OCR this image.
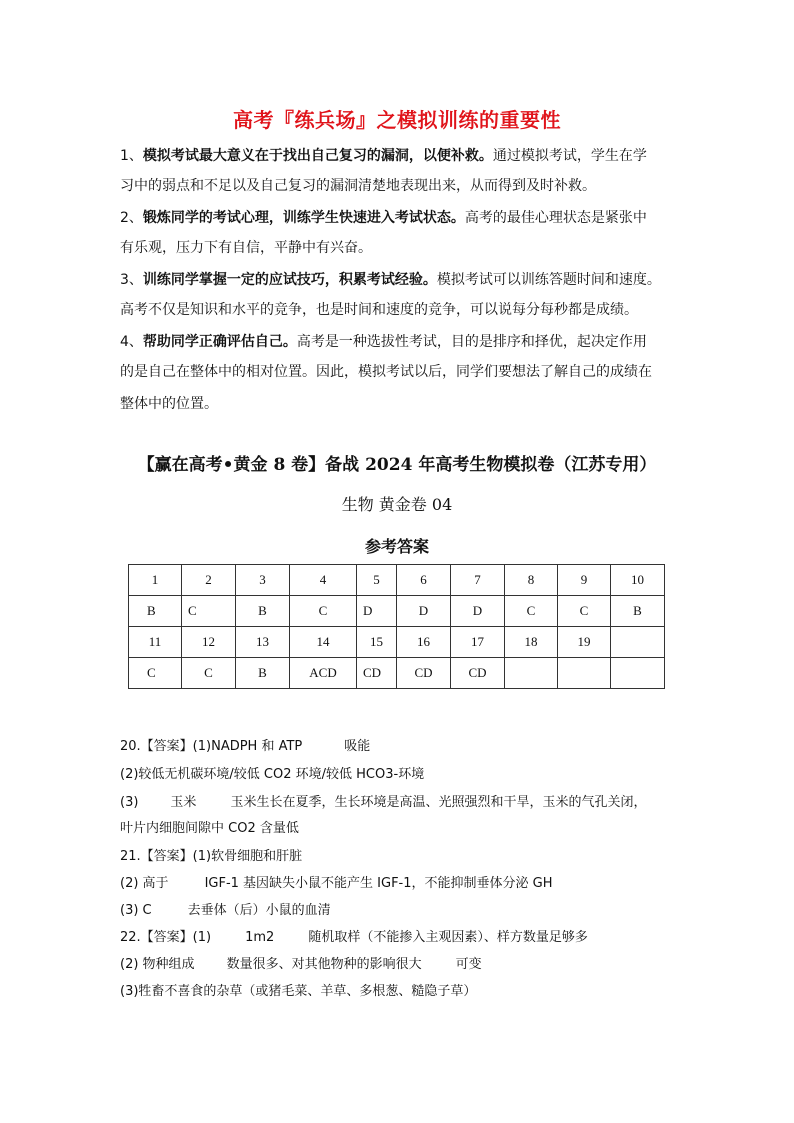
高考『练兵场』之模拟训练的重要性

1、模拟考试最大意义在于找出自己复习的漏洞，以便补救。通过模拟考试，学生在学

习中的弱点和不足以及自己复习的漏洞清楚地表现出来，从而得到及时补救。

2、锻炼同学的考试心理，训练学生快速进入考试状态。高考的最佳心理状态是紧张中

有乐观，压力下有自信，平静中有兴奋。

3、训练同学掌握一定的应试技巧，积累考试经验。模拟考试可以训练答题时间和速度。

高考不仅是知识和水平的竞争，也是时间和速度的竞争，可以说每分每秒都是成绩。

4、帮助同学正确评估自己。高考是一种选拔性考试，目的是排序和择优，起决定作用

的是自己在整体中的相对位置。因此，模拟考试以后，同学们要想法了解自己的成绩在

整体中的位置。

【赢在高考•黄金 8 卷】备战 2024 年高考生物模拟卷（江苏专用）
生物 黄金卷 04
参考答案
1	2	3	4	5	6	7	8	9	10
B	C	B	C	D	D	D	C	C	B
11	12	13	14	15	16	17	18	19	
C	C	B	ACD	CD	CD	CD			

20.【答案】(1)NADPH 和 ATP	吸能

(2)较低无机碳环境/较低 CO2 环境/较低 HCO3-环境

(3) 玉米	玉米生长在夏季，生长环境是高温、光照强烈和干旱，玉米的气孔关闭，

叶片内细胞间隙中 CO2 含量低

21.【答案】(1)软骨细胞和肝脏

(2) 高于	IGF-1 基因缺失小鼠不能产生 IGF-1，不能抑制垂体分泌 GH

(3) C	去垂体（后）小鼠的血清

22.【答案】(1)	1m2	随机取样（不能掺入主观因素）、样方数量足够多

(2) 物种组成 数量很多、对其他物种的影响很大	可变

(3)牲畜不喜食的杂草（或猪毛菜、羊草、多根葱、糙隐子草）
